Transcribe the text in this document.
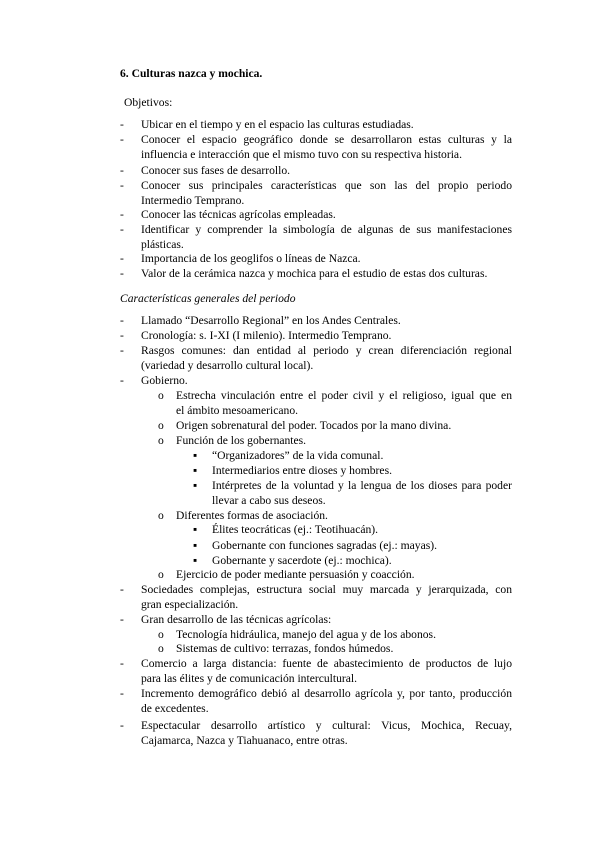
6. Culturas nazca y mochica.
Objetivos:
Características generales del periodo
- Ubicar en el tiempo y en el espacio las culturas estudiadas.
- Conocer el espacio geográfico donde se desarrollaron estas culturas y la
influencia e interacción que el mismo tuvo con su respectiva historia.
- Conocer sus fases de desarrollo.
- Conocer sus principales características que son las del propio periodo
Intermedio Temprano.
- Conocer las técnicas agrícolas empleadas.
- Identificar y comprender la simbología de algunas de sus manifestaciones
plásticas.
- Importancia de los geoglifos o líneas de Nazca.
- Valor de la cerámica nazca y mochica para el estudio de estas dos culturas.
- Llamado “Desarrollo Regional” en los Andes Centrales.
- Cronología: s. I-XI (I milenio). Intermedio Temprano.
- Rasgos comunes: dan entidad al periodo y crean diferenciación regional
(variedad y desarrollo cultural local).
- Gobierno.
- Sociedades complejas, estructura social muy marcada y jerarquizada, con
gran especialización.
- Gran desarrollo de las técnicas agrícolas:
- Comercio a larga distancia: fuente de abastecimiento de productos de lujo
para las élites y de comunicación intercultural.
- Incremento demográfico debió al desarrollo agrícola y, por tanto, producción
de excedentes.
- Espectacular desarrollo artístico y cultural: Vicus, Mochica, Recuay,
Cajamarca, Nazca y Tiahuanaco, entre otras.
o Estrecha vinculación entre el poder civil y el religioso, igual que en
el ámbito mesoamericano.
o Origen sobrenatural del poder. Tocados por la mano divina.
o Función de los gobernantes.
o Diferentes formas de asociación.
o Ejercicio de poder mediante persuasión y coacción.
▪ “Organizadores” de la vida comunal.
▪ Intermediarios entre dioses y hombres.
▪ Intérpretes de la voluntad y la lengua de los dioses para poder
llevar a cabo sus deseos.
▪ Élites teocráticas (ej.: Teotihuacán).
▪ Gobernante con funciones sagradas (ej.: mayas).
▪ Gobernante y sacerdote (ej.: mochica).
o Tecnología hidráulica, manejo del agua y de los abonos.
o Sistemas de cultivo: terrazas, fondos húmedos.
